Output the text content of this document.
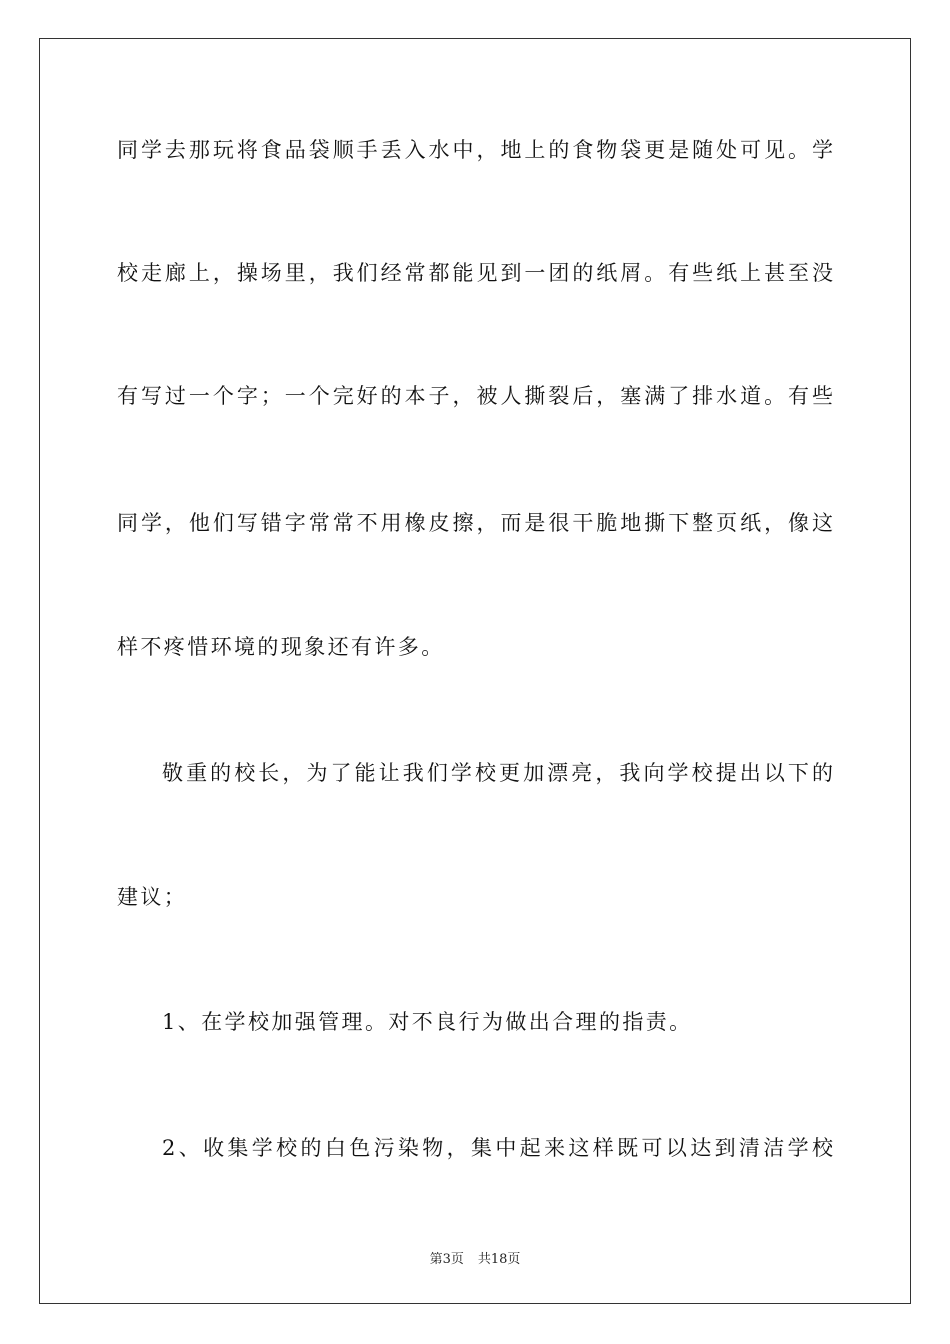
同学去那玩将食品袋顺手丢入水中，地上的食物袋更是随处可见。学
校走廊上，操场里，我们经常都能见到一团的纸屑。有些纸上甚至没
有写过一个字；一个完好的本子，被人撕裂后，塞满了排水道。有些
同学，他们写错字常常不用橡皮擦，而是很干脆地撕下整页纸，像这
样不疼惜环境的现象还有许多。
敬重的校长，为了能让我们学校更加漂亮，我向学校提出以下的
建议；
1、在学校加强管理。对不良行为做出合理的指责。
2、收集学校的白色污染物，集中起来这样既可以达到清洁学校
第3页 共18页
